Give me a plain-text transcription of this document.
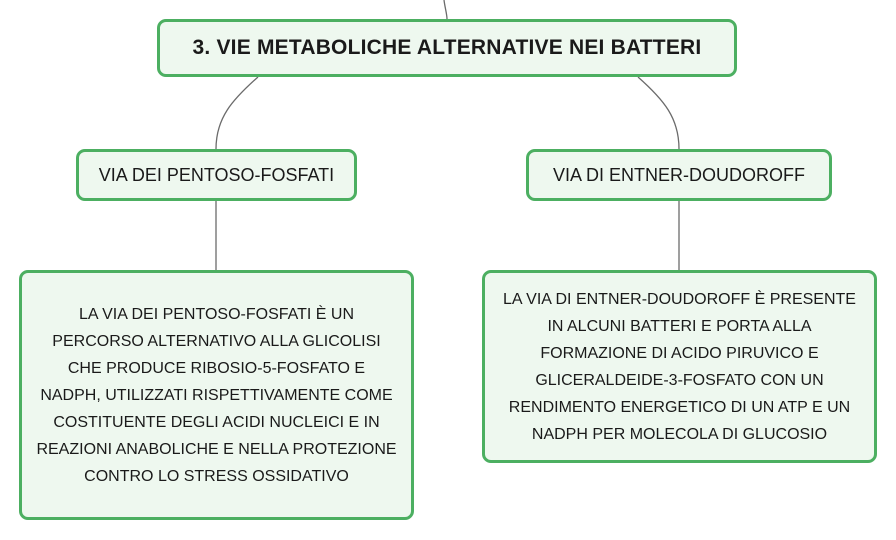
3. VIE METABOLICHE ALTERNATIVE NEI BATTERI
VIA DEI PENTOSO-FOSFATI	VIA DI ENTNER-DOUDOROFF
LA VIA DEI PENTOSO-FOSFATI È UN
PERCORSO ALTERNATIVO ALLA GLICOLISI
CHE PRODUCE RIBOSIO-5-FOSFATO E
NADPH, UTILIZZATI RISPETTIVAMENTE COME
COSTITUENTE DEGLI ACIDI NUCLEICI E IN
REAZIONI ANABOLICHE E NELLA PROTEZIONE
CONTRO LO STRESS OSSIDATIVO
LA VIA DI ENTNER-DOUDOROFF È PRESENTE
IN ALCUNI BATTERI E PORTA ALLA
FORMAZIONE DI ACIDO PIRUVICO E
GLICERALDEIDE-3-FOSFATO CON UN
RENDIMENTO ENERGETICO DI UN ATP E UN
NADPH PER MOLECOLA DI GLUCOSIO
